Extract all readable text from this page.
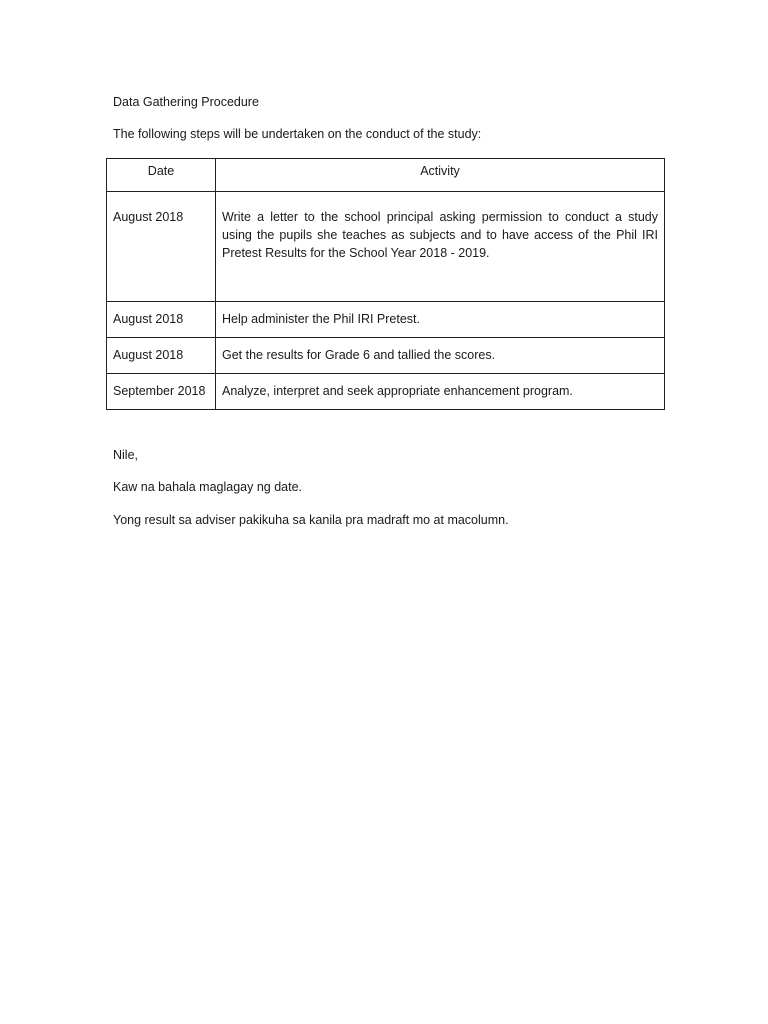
Data Gathering Procedure
The following steps will be undertaken on the conduct of the study:
Date	Activity
August 2018	Write a letter to the school principal asking permission to conduct a study using the pupils she teaches as subjects and to have access of the Phil IRI Pretest Results for the School Year 2018 - 2019.
August 2018	Help administer the Phil IRI Pretest.
August 2018	Get the results for Grade 6 and tallied the scores.
September 2018	Analyze, interpret and seek appropriate enhancement program.
Nile,
Kaw na bahala maglagay ng date.
Yong result sa adviser pakikuha sa kanila pra madraft mo at macolumn.
